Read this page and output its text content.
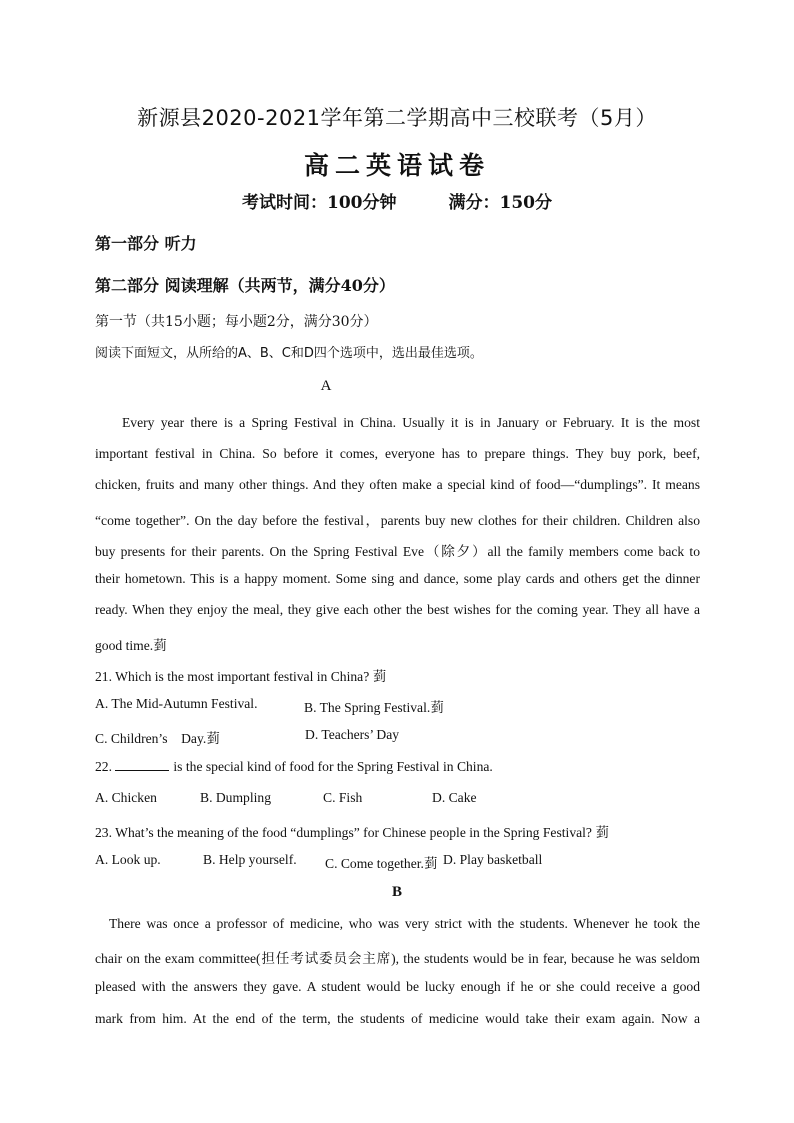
新源县2020-2021学年第二学期高中三校联考（5月）
高二英语试卷
考试时间：100分钟	满分：150分
第一部分 听力
第二部分 阅读理解（共两节，满分40分）
第一节（共15小题；每小题2分，满分30分）
阅读下面短文，从所给的A、B、C和D四个选项中，选出最佳选项。
A
Every year there is a Spring Festival in China. Usually it is in January or February. It is the most
important festival in China. So before it comes, everyone has to prepare things. They buy pork, beef,
chicken, fruits and many other things. And they often make a special kind of food—“dumplings”. It means
“come together”. On the day before the festival，parents buy new clothes for their children. Children also
buy presents for their parents. On the Spring Festival Eve（除夕）all the family members come back to
their hometown. This is a happy moment. Some sing and dance, some play cards and others get the dinner
ready. When they enjoy the meal, they give each other the best wishes for the coming year. They all have a
good time.菿
21. Which is the most important festival in China? 菿
A. The Mid-Autumn Festival.	B. The Spring Festival.菿
C. Children’s　Day.菿	D. Teachers’ Day
22.	is the special kind of food for the Spring Festival in China.
A. Chicken	B. Dumpling	C. Fish	D. Cake
23. What’s the meaning of the food “dumplings” for Chinese people in the Spring Festival? 菿
A. Look up.	B. Help yourself. C. Come together.菿 D. Play basketball
B
There was once a professor of medicine, who was very strict with the students. Whenever he took the
chair on the exam committee(担任考试委员会主席), the students would be in fear, because he was seldom
pleased with the answers they gave. A student would be lucky enough if he or she could receive a good
mark from him. At the end of the term, the students of medicine would take their exam again. Now a
